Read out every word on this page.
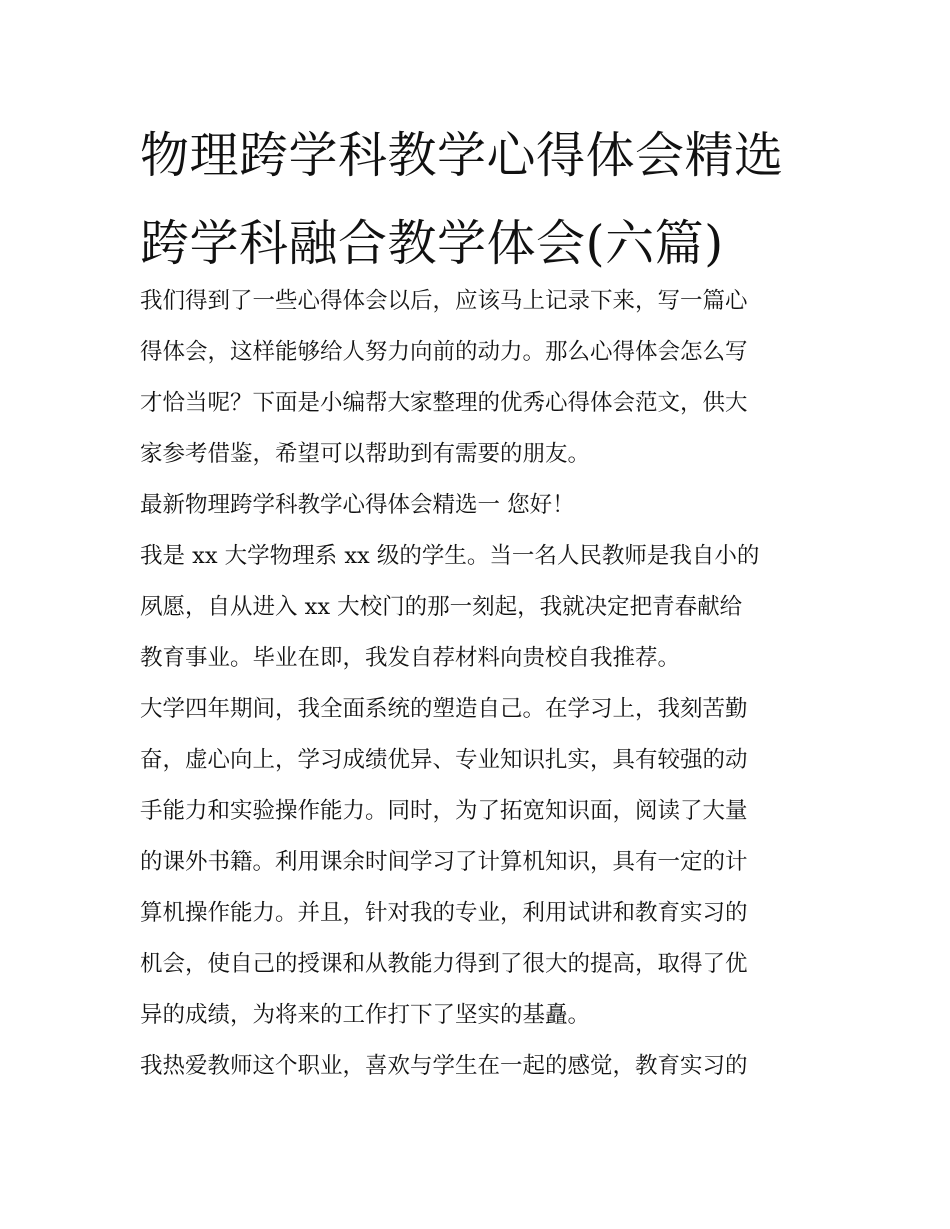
物理跨学科教学心得体会精选
跨学科融合教学体会(六篇)

我们得到了一些心得体会以后，应该马上记录下来，写一篇心
得体会，这样能够给人努力向前的动力。那么心得体会怎么写
才恰当呢？下面是小编帮大家整理的优秀心得体会范文，供大
家参考借鉴，希望可以帮助到有需要的朋友。

最新物理跨学科教学心得体会精选一 您好！

我是 xx 大学物理系 xx 级的学生。当一名人民教师是我自小的
夙愿，自从进入 xx 大校门的那一刻起，我就决定把青春献给
教育事业。毕业在即，我发自荐材料向贵校自我推荐。

大学四年期间，我全面系统的塑造自己。在学习上，我刻苦勤
奋，虚心向上，学习成绩优异、专业知识扎实，具有较强的动
手能力和实验操作能力。同时，为了拓宽知识面，阅读了大量
的课外书籍。利用课余时间学习了计算机知识，具有一定的计
算机操作能力。并且，针对我的专业，利用试讲和教育实习的
机会，使自己的授课和从教能力得到了很大的提高，取得了优
异的成绩，为将来的工作打下了坚实的基矗。

我热爱教师这个职业，喜欢与学生在一起的感觉，教育实习的
